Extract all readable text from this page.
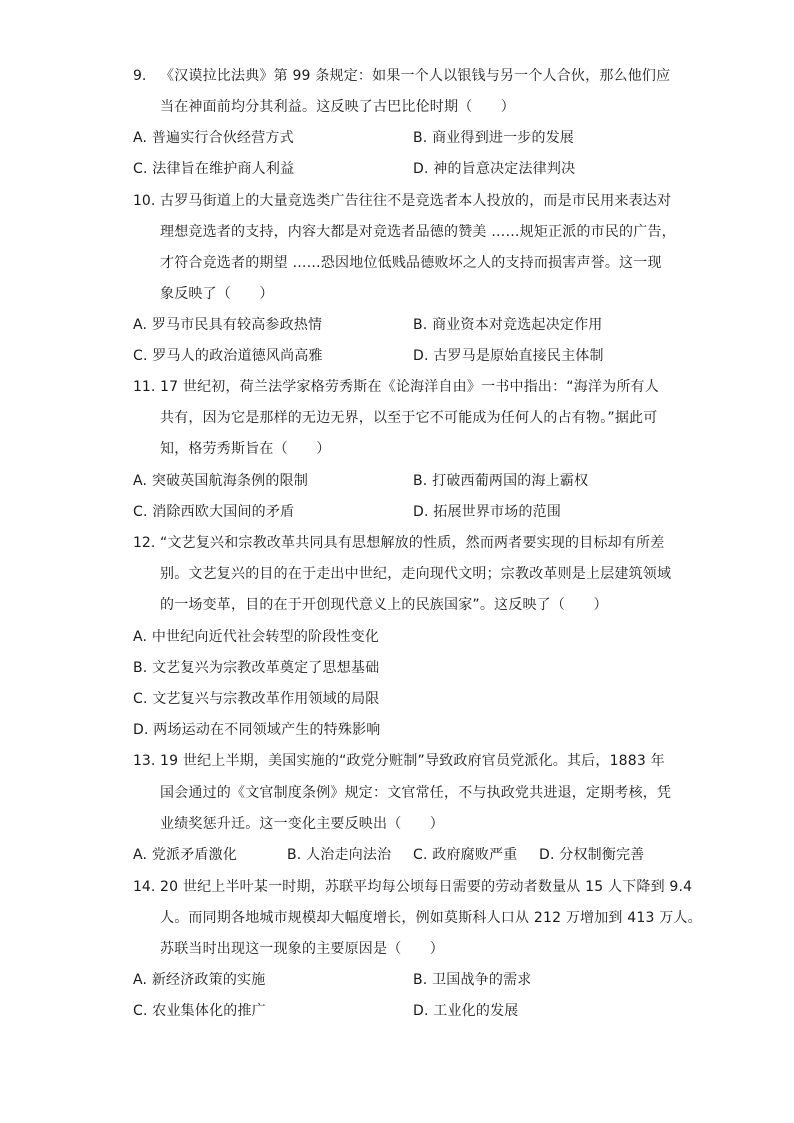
9. 《汉谟拉比法典》第 99 条规定：如果一个人以银钱与另一个人合伙，那么他们应
当在神面前均分其利益。这反映了古巴比伦时期（　　）
A. 普遍实行合伙经营方式	B. 商业得到进一步的发展
C. 法律旨在维护商人利益	D. 神的旨意决定法律判决
10. 古罗马街道上的大量竞选类广告往往不是竞选者本人投放的，而是市民用来表达对
理想竞选者的支持，内容大都是对竞选者品德的赞美 ……规矩正派的市民的广告，
才符合竞选者的期望 ……恐因地位低贱品德败坏之人的支持而损害声誉。这一现
象反映了（　　）
A. 罗马市民具有较高参政热情	B. 商业资本对竞选起决定作用
C. 罗马人的政治道德风尚高雅	D. 古罗马是原始直接民主体制
11. 17 世纪初，荷兰法学家格劳秀斯在《论海洋自由》一书中指出：“海洋为所有人
共有，因为它是那样的无边无界，以至于它不可能成为任何人的占有物。”据此可
知，格劳秀斯旨在（　　）
A. 突破英国航海条例的限制	B. 打破西葡两国的海上霸权
C. 消除西欧大国间的矛盾	D. 拓展世界市场的范围
12. “文艺复兴和宗教改革共同具有思想解放的性质，然而两者要实现的目标却有所差
别。文艺复兴的目的在于走出中世纪，走向现代文明；宗教改革则是上层建筑领域
的一场变革，目的在于开创现代意义上的民族国家”。这反映了（　　）
A. 中世纪向近代社会转型的阶段性变化
B. 文艺复兴为宗教改革奠定了思想基础
C. 文艺复兴与宗教改革作用领域的局限
D. 两场运动在不同领域产生的特殊影响
13. 19 世纪上半期，美国实施的“政党分赃制”导致政府官员党派化。其后，1883 年
国会通过的《文官制度条例》规定：文官常任，不与执政党共进退，定期考核，凭
业绩奖惩升迁。这一变化主要反映出（　　）
A. 党派矛盾激化	B. 人治走向法治 C. 政府腐败严重 D. 分权制衡完善
14. 20 世纪上半叶某一时期，苏联平均每公顷每日需要的劳动者数量从 15 人下降到 9.4
人。而同期各地城市规模却大幅度增长，例如莫斯科人口从 212 万增加到 413 万人。
苏联当时出现这一现象的主要原因是（　　）
A. 新经济政策的实施	B. 卫国战争的需求
C. 农业集体化的推广	D. 工业化的发展
